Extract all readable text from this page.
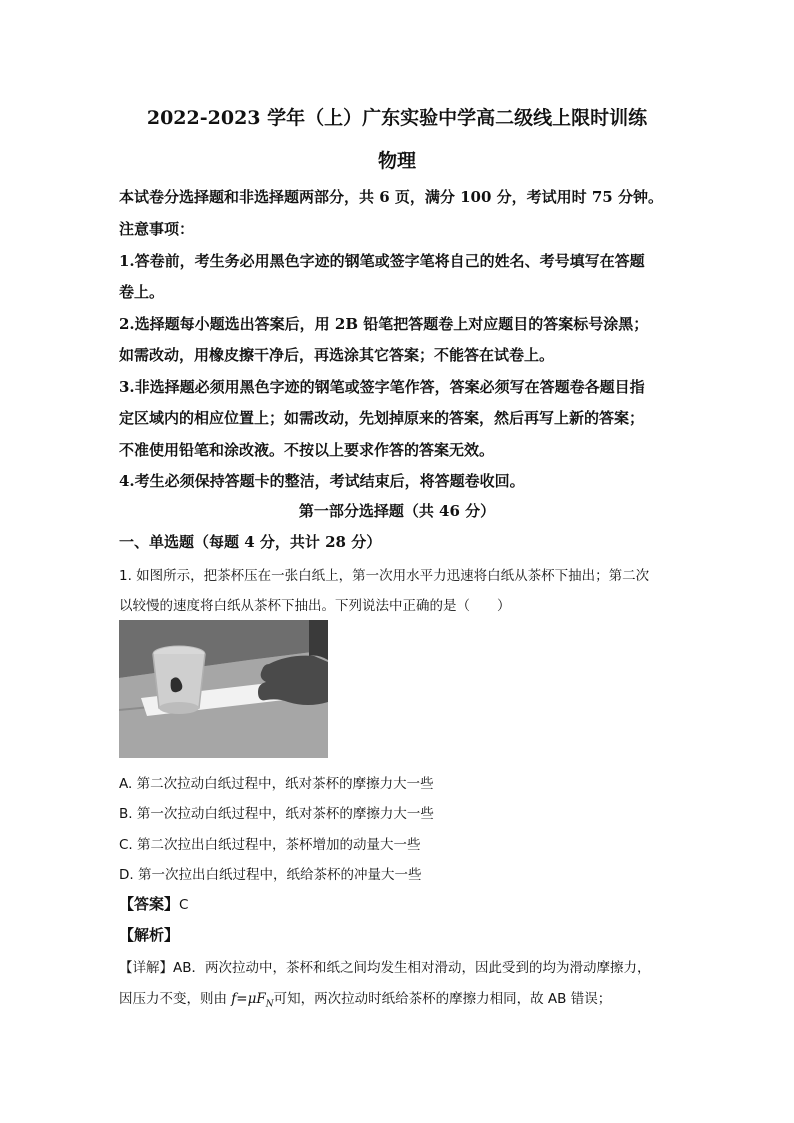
2022-2023 学年（上）广东实验中学高二级线上限时训练
物理
本试卷分选择题和非选择题两部分，共 6 页，满分 100 分，考试用时 75 分钟。
注意事项：
1.答卷前，考生务必用黑色字迹的钢笔或签字笔将自己的姓名、考号填写在答题
卷上。
2.选择题每小题选出答案后，用 2B 铅笔把答题卷上对应题目的答案标号涂黑；
如需改动，用橡皮擦干净后，再选涂其它答案；不能答在试卷上。
3.非选择题必须用黑色字迹的钢笔或签字笔作答，答案必须写在答题卷各题目指
定区域内的相应位置上；如需改动，先划掉原来的答案，然后再写上新的答案；
不准使用铅笔和涂改液。不按以上要求作答的答案无效。
4.考生必须保持答题卡的整洁，考试结束后，将答题卷收回。
第一部分选择题（共 46 分）
一、单选题（每题 4 分，共计 28 分）
1. 如图所示，把茶杯压在一张白纸上，第一次用水平力迅速将白纸从茶杯下抽出；第二次
以较慢的速度将白纸从茶杯下抽出。下列说法中正确的是（　　）
A. 第二次拉动白纸过程中，纸对茶杯的摩擦力大一些
B. 第一次拉动白纸过程中，纸对茶杯的摩擦力大一些
C. 第二次拉出白纸过程中，茶杯增加的动量大一些
D. 第一次拉出白纸过程中，纸给茶杯的冲量大一些
【答案】C
【解析】
【详解】AB．两次拉动中，茶杯和纸之间均发生相对滑动，因此受到的均为滑动摩擦力，
因压力不变，则由 $f=\mu F_N$可知，两次拉动时纸给茶杯的摩擦力相同，故 AB 错误；
